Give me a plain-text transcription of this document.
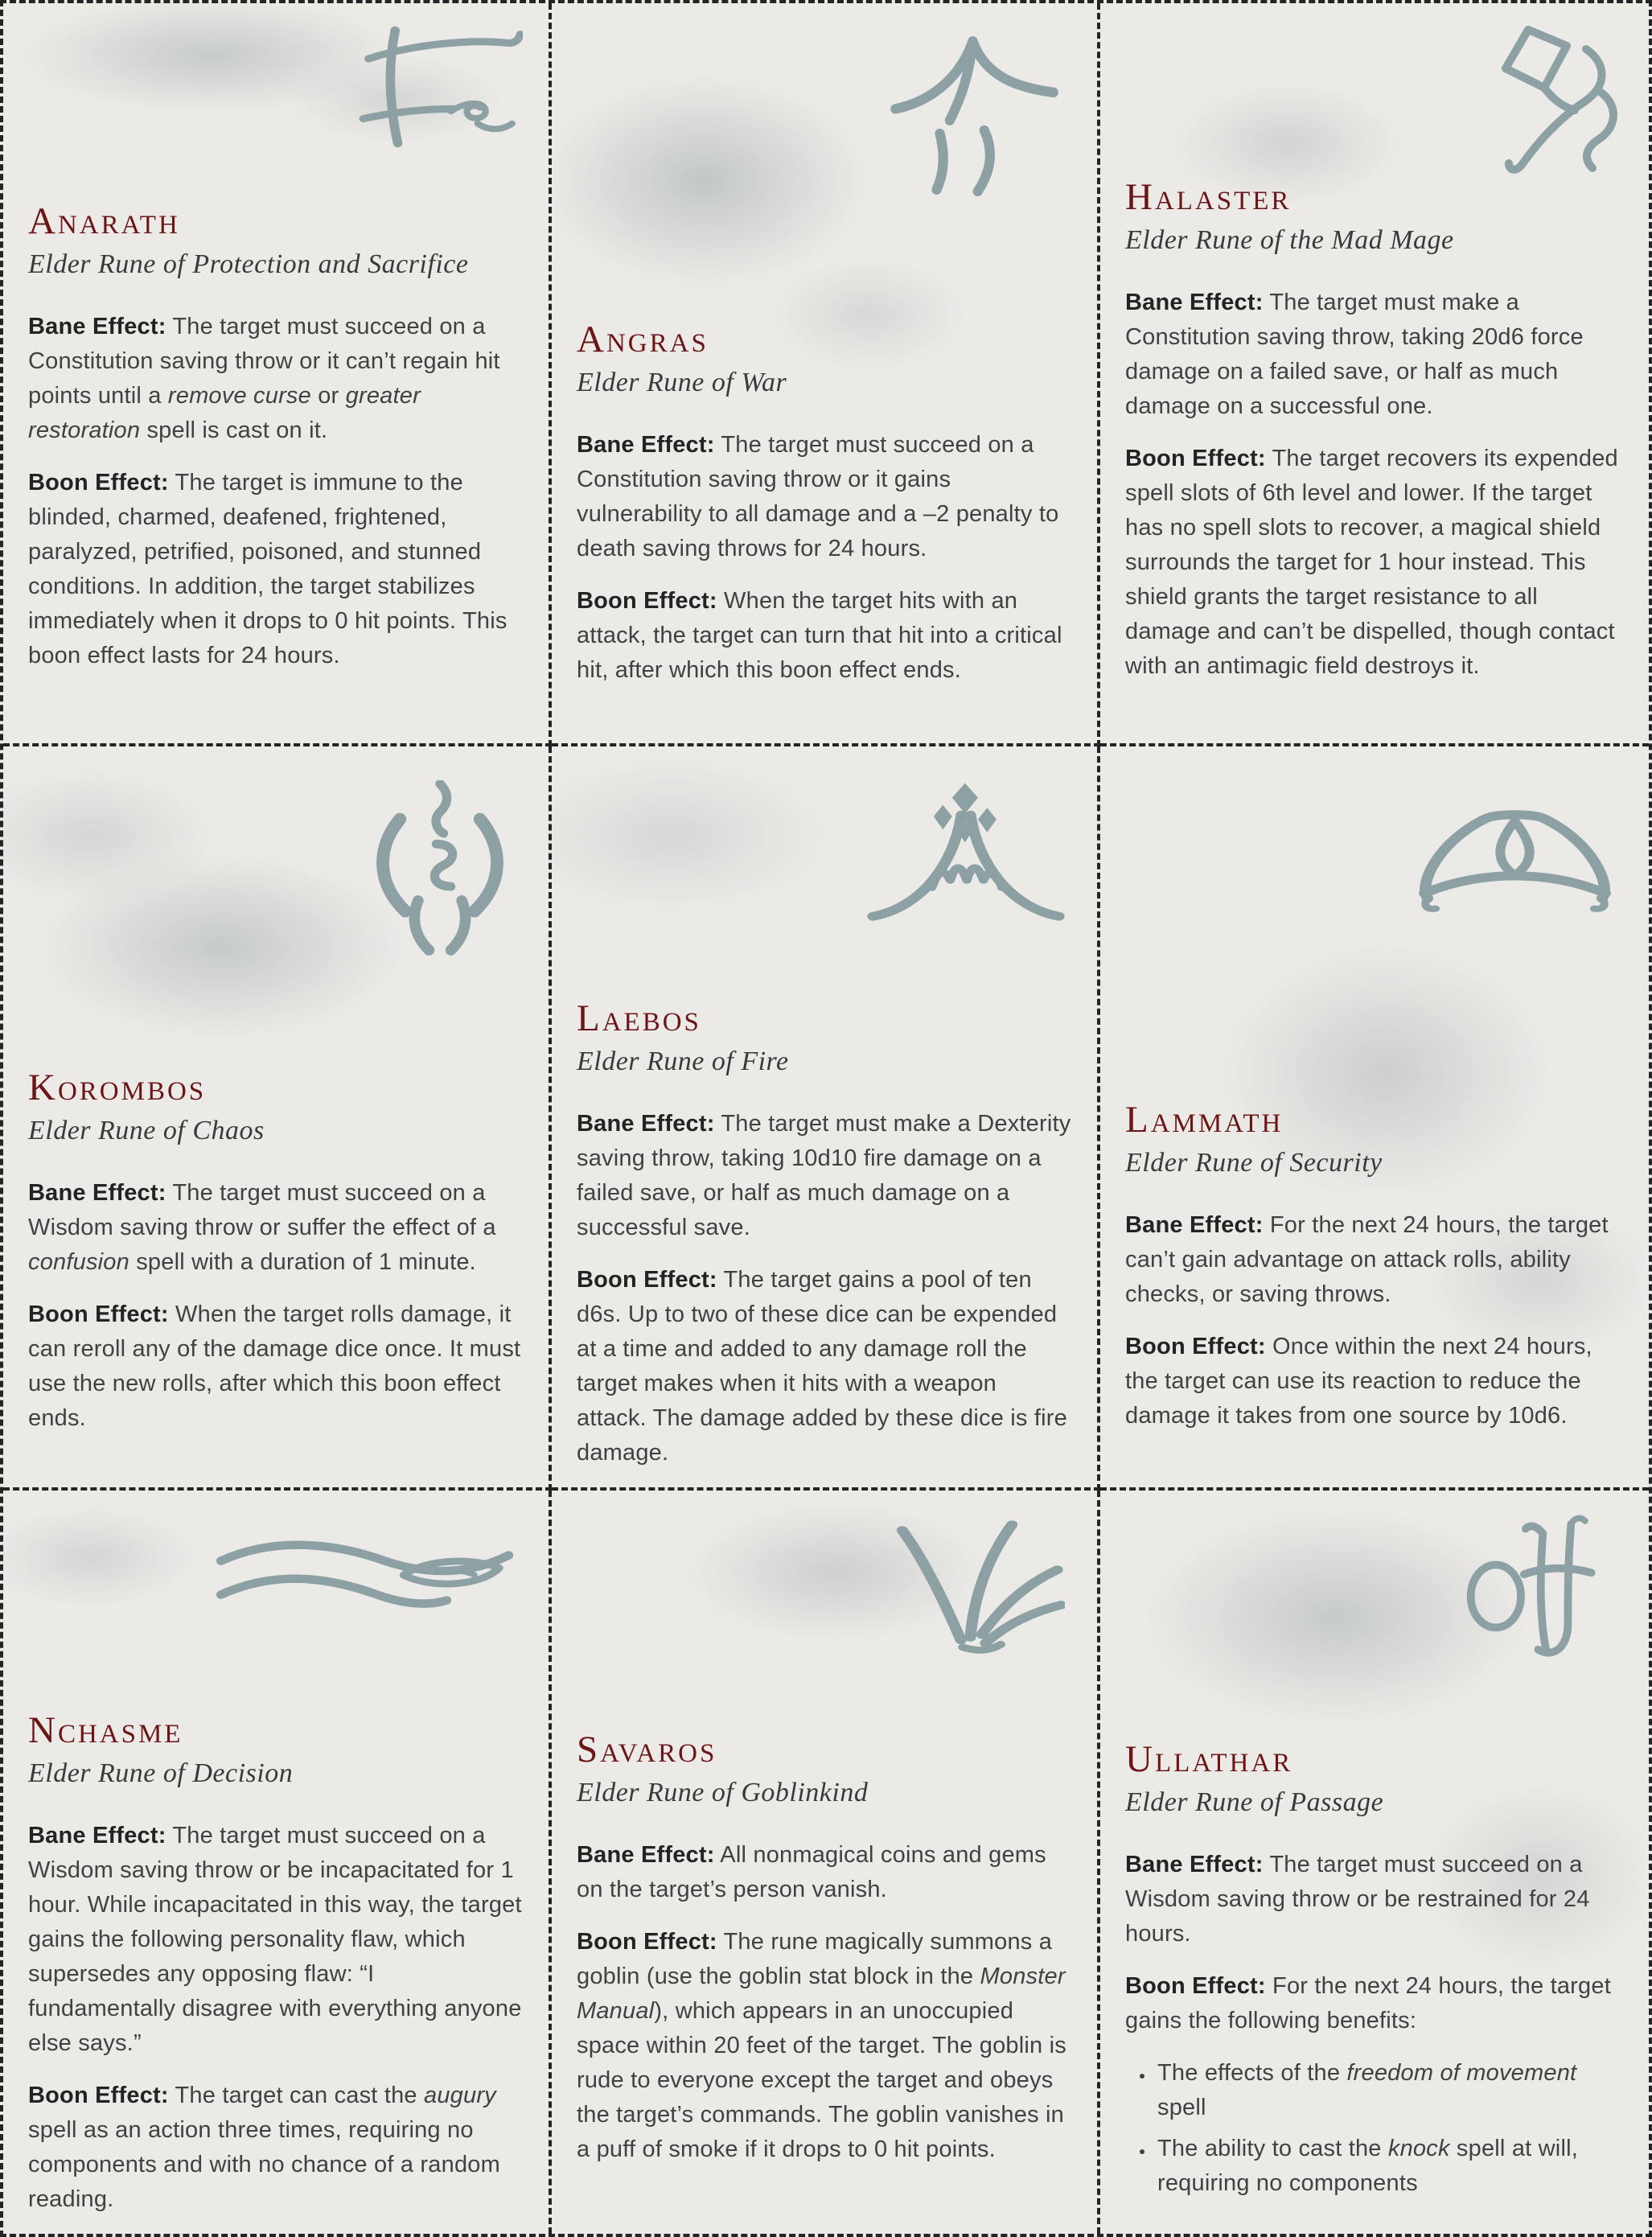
Anarath

Elder Rune of Protection and Sacrifice

Bane Effect: The target must succeed on a Constitution saving throw or it can’t regain hit points until a remove curse or greater restoration spell is cast on it.

Boon Effect: The target is immune to the blinded, charmed, deafened, frightened, paralyzed, petrified, poisoned, and stunned conditions. In addition, the target stabilizes immediately when it drops to 0 hit points. This boon effect lasts for 24 hours.

Angras

Elder Rune of War

Bane Effect: The target must succeed on a Constitution saving throw or it gains vulnerability to all damage and a –2 penalty to death saving throws for 24 hours.

Boon Effect: When the target hits with an attack, the target can turn that hit into a critical hit, after which this boon effect ends.

Halaster

Elder Rune of the Mad Mage

Bane Effect: The target must make a Constitution saving throw, taking 20d6 force damage on a failed save, or half as much damage on a successful one.

Boon Effect: The target recovers its expended spell slots of 6th level and lower. If the target has no spell slots to recover, a magical shield surrounds the target for 1 hour instead. This shield grants the target resistance to all damage and can’t be dispelled, though contact with an antimagic field destroys it.

Korombos

Elder Rune of Chaos

Bane Effect: The target must succeed on a Wisdom saving throw or suffer the effect of a confusion spell with a duration of 1 minute.

Boon Effect: When the target rolls damage, it can reroll any of the damage dice once. It must use the new rolls, after which this boon effect ends.

Laebos

Elder Rune of Fire

Bane Effect: The target must make a Dexterity saving throw, taking 10d10 fire damage on a failed save, or half as much damage on a successful save.

Boon Effect: The target gains a pool of ten d6s. Up to two of these dice can be expended at a time and added to any damage roll the target makes when it hits with a weapon attack. The damage added by these dice is fire damage.

Lammath

Elder Rune of Security

Bane Effect: For the next 24 hours, the target can’t gain advantage on attack rolls, ability checks, or saving throws.

Boon Effect: Once within the next 24 hours, the target can use its reaction to reduce the damage it takes from one source by 10d6.

Nchasme

Elder Rune of Decision

Bane Effect: The target must succeed on a Wisdom saving throw or be incapacitated for 1 hour. While incapacitated in this way, the target gains the following personality flaw, which supersedes any opposing flaw: “I fundamentally disagree with everything anyone else says.”

Boon Effect: The target can cast the augury spell as an action three times, requiring no components and with no chance of a random reading.

Savaros

Elder Rune of Goblinkind

Bane Effect: All nonmagical coins and gems on the target’s person vanish.

Boon Effect: The rune magically summons a goblin (use the goblin stat block in the Monster Manual), which appears in an unoccupied space within 20 feet of the target. The goblin is rude to everyone except the target and obeys the target’s commands. The goblin vanishes in a puff of smoke if it drops to 0 hit points.

Ullathar

Elder Rune of Passage

Bane Effect: The target must succeed on a Wisdom saving throw or be restrained for 24 hours.

Boon Effect: For the next 24 hours, the target gains the following benefits:

• The effects of the freedom of movement spell
• The ability to cast the knock spell at will, requiring no components
